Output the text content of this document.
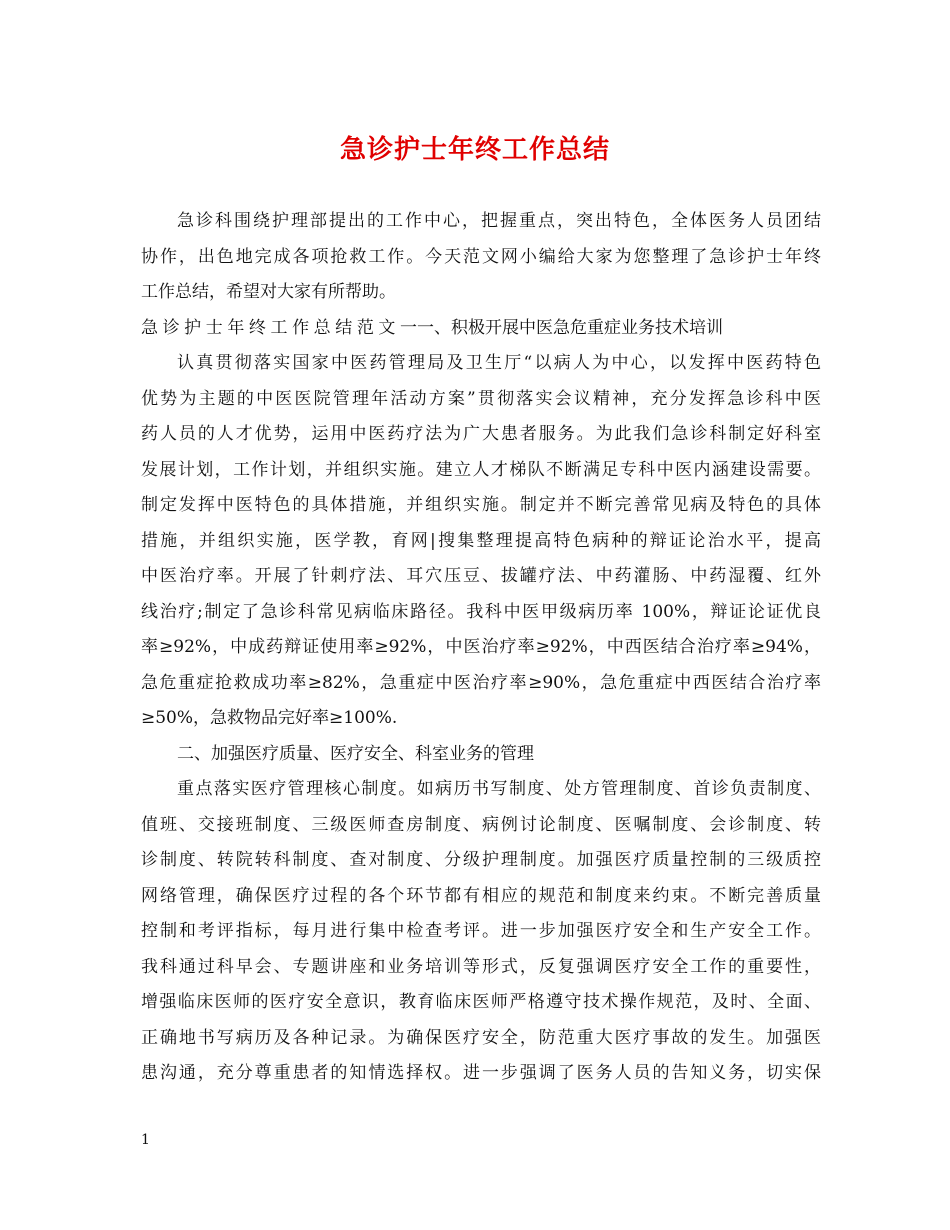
急诊护士年终工作总结
急诊科围绕护理部提出的工作中心，把握重点，突出特色，全体医务人员团结
协作，出色地完成各项抢救工作。今天范文网小编给大家为您整理了急诊护士年终
工作总结，希望对大家有所帮助。
急诊护士年终工作总结范文一 一、积极开展中医急危重症业务技术培训
认真贯彻落实国家中医药管理局及卫生厅“以病人为中心，以发挥中医药特色
优势为主题的中医医院管理年活动方案”贯彻落实会议精神，充分发挥急诊科中医
药人员的人才优势，运用中医药疗法为广大患者服务。为此我们急诊科制定好科室
发展计划，工作计划，并组织实施。建立人才梯队不断满足专科中医内涵建设需要。
制定发挥中医特色的具体措施，并组织实施。制定并不断完善常见病及特色的具体
措施，并组织实施，医学教，育网|搜集整理提高特色病种的辩证论治水平，提高
中医治疗率。开展了针刺疗法、耳穴压豆、拔罐疗法、中药灌肠、中药湿覆、红外
线治疗;制定了急诊科常见病临床路径。我科中医甲级病历率 100%，辩证论证优良
率≥92%，中成药辩证使用率≥92%，中医治疗率≥92%，中西医结合治疗率≥94%，
急危重症抢救成功率≥82%，急重症中医治疗率≥90%，急危重症中西医结合治疗率
≥50%，急救物品完好率≥100%.
二、加强医疗质量、医疗安全、科室业务的管理
重点落实医疗管理核心制度。如病历书写制度、处方管理制度、首诊负责制度、
值班、交接班制度、三级医师查房制度、病例讨论制度、医嘱制度、会诊制度、转
诊制度、转院转科制度、查对制度、分级护理制度。加强医疗质量控制的三级质控
网络管理，确保医疗过程的各个环节都有相应的规范和制度来约束。不断完善质量
控制和考评指标，每月进行集中检查考评。进一步加强医疗安全和生产安全工作。
我科通过科早会、专题讲座和业务培训等形式，反复强调医疗安全工作的重要性，
增强临床医师的医疗安全意识，教育临床医师严格遵守技术操作规范，及时、全面、
正确地书写病历及各种记录。为确保医疗安全，防范重大医疗事故的发生。加强医
患沟通，充分尊重患者的知情选择权。进一步强调了医务人员的告知义务，切实保
1
